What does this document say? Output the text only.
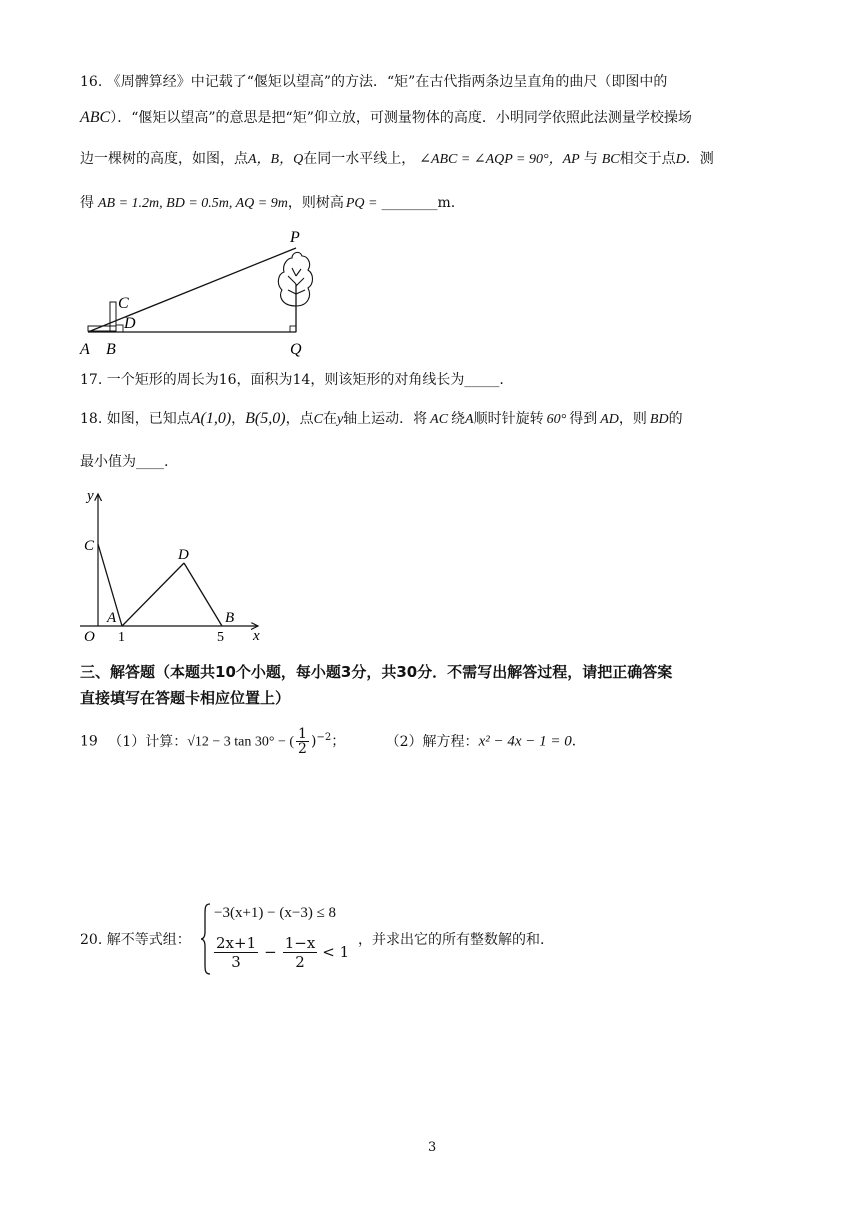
16. 《周髀算经》中记载了“偃矩以望高”的方法．“矩”在古代指两条边呈直角的曲尺（即图中的
ABC）．“偃矩以望高”的意思是把“矩”仰立放，可测量物体的高度．小明同学依照此法测量学校操场
边一棵树的高度，如图，点A，B，Q在同一水平线上， ∠ABC = ∠AQP = 90°，AP 与 BC相交于点D．测
得 AB = 1.2m, BD = 0.5m, AQ = 9m，则树高 PQ = ________m.
P
C
D
A B	Q
17. 一个矩形的周长为16，面积为14，则该矩形的对角线长为_____.
18. 如图，已知点A(1,0)，B(5,0)，点C在y轴上运动．将 AC 绕A顺时针旋转 60° 得到 AD，则 BD的
最小值为____.
y
C
D
A	B
O 1	5 x
三、解答题（本题共10个小题，每小题3分，共30分．不需写出解答过程，请把正确答案
直接填写在答题卡相应位置上）
19 （1）计算：√12 − 3 tan 30° − ( $\frac{1}{2} )^{-2}$；	（2）解方程：x² − 4x − 1 = 0．
20. 解不等式组：
−3(x+1) − (x−3) ≤ 8
$\frac{2x+1}{3} - \frac{1-x}{2} < 1$
，并求出它的所有整数解的和.
3
